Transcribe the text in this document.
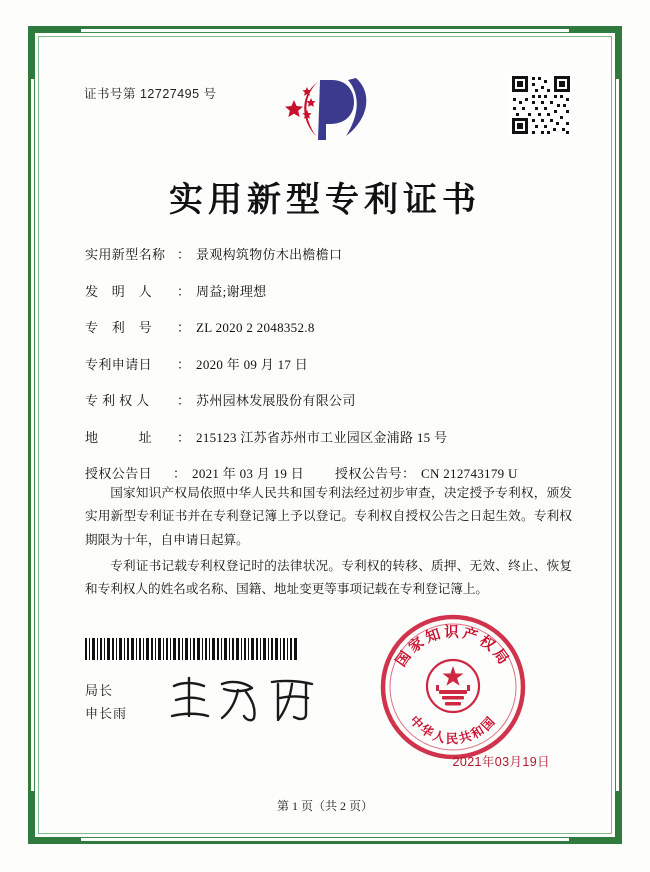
证书号第 12727495 号
实用新型专利证书
实用新型名称 ： 景观构筑物仿木出檐檐口
发　明　人	： 周益;谢理想
专　利　号	： ZL 2020 2 2048352.8
专利申请日	： 2020 年 09 月 17 日
专 利 权 人	： 苏州园林发展股份有限公司
地　　　址	： 215123 江苏省苏州市工业园区金浦路 15 号
授权公告日	： 2021 年 03 月 19 日	授权公告号 ： CN 212743179 U

国家知识产权局依照中华人民共和国专利法经过初步审查，决定授予专利权，颁发实用新型专利证书并在专利登记簿上予以登记。专利权自授权公告之日起生效。专利权期限为十年，自申请日起算。

专利证书记载专利权登记时的法律状况。专利权的转移、质押、无效、终止、恢复和专利权人的姓名或名称、国籍、地址变更等事项记载在专利登记簿上。

局长
申长雨
国家知识产权局
中华人民共和国
2021年03月19日
第 1 页（共 2 页）
